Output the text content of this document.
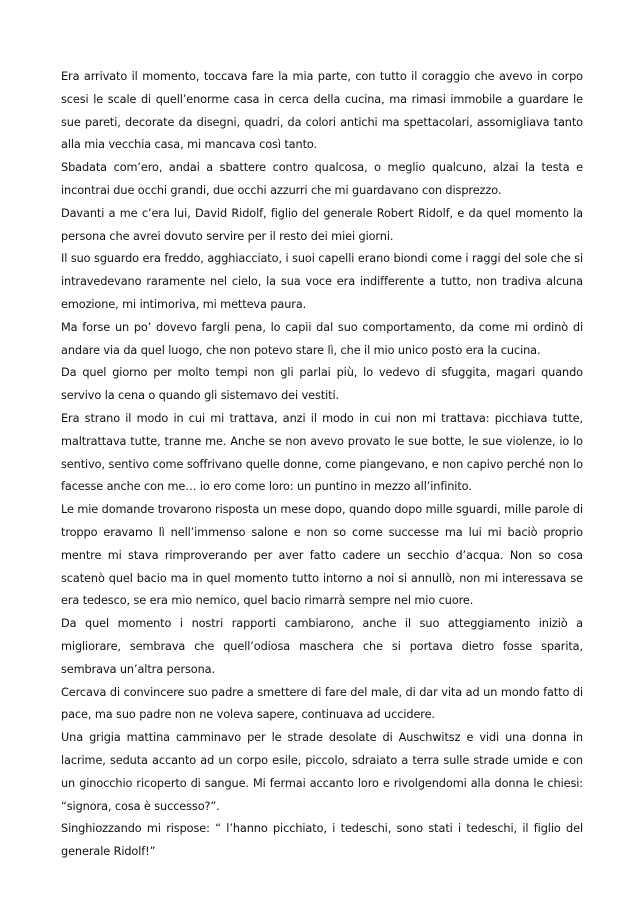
Era arrivato il momento, toccava fare la mia parte, con tutto il coraggio che avevo in corpo scesi le scale di quell’enorme casa in cerca della cucina, ma rimasi immobile a guardare le sue pareti, decorate da disegni, quadri, da colori antichi ma spettacolari, assomigliava tanto alla mia vecchia casa, mi mancava così tanto.

Sbadata com’ero, andai a sbattere contro qualcosa, o meglio qualcuno, alzai la testa e incontrai due occhi grandi, due occhi azzurri che mi guardavano con disprezzo.

Davanti a me c’era lui, David Ridolf, figlio del generale Robert Ridolf, e da quel momento la persona che avrei dovuto servire per il resto dei miei giorni.

Il suo sguardo era freddo, agghiacciato, i suoi capelli erano biondi come i raggi del sole che si intravedevano raramente nel cielo, la sua voce era indifferente a tutto, non tradiva alcuna emozione, mi intimoriva, mi metteva paura.

Ma forse un po’ dovevo fargli pena, lo capii dal suo comportamento, da come mi ordinò di andare via da quel luogo, che non potevo stare lì, che il mio unico posto era la cucina.

Da quel giorno per molto tempi non gli parlai più, lo vedevo di sfuggita, magari quando servivo la cena o quando gli sistemavo dei vestiti.

Era strano il modo in cui mi trattava, anzi il modo in cui non mi trattava: picchiava tutte, maltrattava tutte, tranne me. Anche se non avevo provato le sue botte, le sue violenze, io lo sentivo, sentivo come soffrivano quelle donne, come piangevano, e non capivo perché non lo facesse anche con me… io ero come loro: un puntino in mezzo all’infinito.

Le mie domande trovarono risposta un mese dopo, quando dopo mille sguardi, mille parole di troppo eravamo lì nell’immenso salone e non so come successe ma lui mi baciò proprio mentre mi stava rimproverando per aver fatto cadere un secchio d’acqua. Non so cosa scatenò quel bacio ma in quel momento tutto intorno a noi si annullò, non mi interessava se era tedesco, se era mio nemico, quel bacio rimarrà sempre nel mio cuore.

Da quel momento i nostri rapporti cambiarono, anche il suo atteggiamento iniziò a migliorare, sembrava che quell’odiosa maschera che si portava dietro fosse sparita, sembrava un’altra persona.

Cercava di convincere suo padre a smettere di fare del male, di dar vita ad un mondo fatto di pace, ma suo padre non ne voleva sapere, continuava ad uccidere.

Una grigia mattina camminavo per le strade desolate di Auschwitsz e vidi una donna in lacrime, seduta accanto ad un corpo esile, piccolo, sdraiato a terra sulle strade umide e con un ginocchio ricoperto di sangue. Mi fermai accanto loro e rivolgendomi alla donna le chiesi: “signora, cosa è successo?”.

Singhiozzando mi rispose: “ l’hanno picchiato, i tedeschi, sono stati i tedeschi, il figlio del generale Ridolf!”
